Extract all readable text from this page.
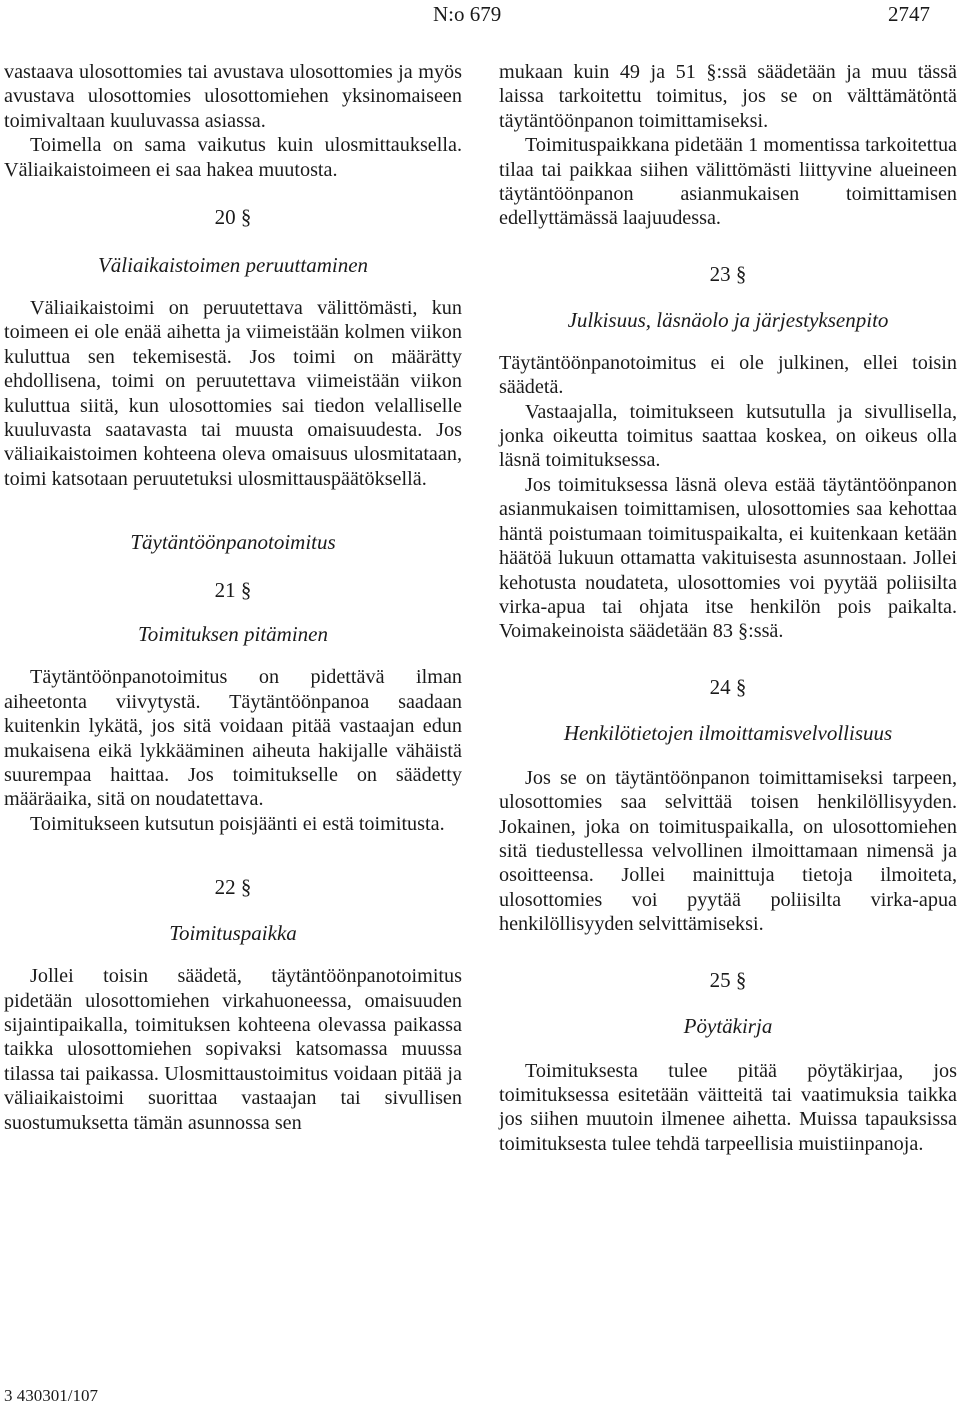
N:o 679	2747

vastaava ulosottomies tai avustava ulosottomies ja myös avustava ulosottomies ulosottomiehen yksinomaiseen toimivaltaan kuuluvassa asiassa.

Toimella on sama vaikutus kuin ulosmittauksella. Väliaikaistoimeen ei saa hakea muutosta.

20 §
Väliaikaistoimen peruuttaminen

Väliaikaistoimi on peruutettava välittömästi, kun toimeen ei ole enää aihetta ja viimeistään kolmen viikon kuluttua sen tekemisestä. Jos toimi on määrätty ehdollisena, toimi on peruutettava viimeistään viikon kuluttua siitä, kun ulosottomies sai tiedon velalliselle kuuluvasta saatavasta tai muusta omaisuudesta. Jos väliaikaistoimen kohteena oleva omaisuus ulosmitataan, toimi katsotaan peruutetuksi ulosmittauspäätöksellä.

Täytäntöönpanotoimitus
21 §
Toimituksen pitäminen

Täytäntöönpanotoimitus on pidettävä ilman aiheetonta viivytystä. Täytäntöönpanoa saadaan kuitenkin lykätä, jos sitä voidaan pitää vastaajan edun mukaisena eikä lykkääminen aiheuta hakijalle vähäistä suurempaa haittaa. Jos toimitukselle on säädetty määräaika, sitä on noudatettava.

Toimitukseen kutsutun poisjäänti ei estä toimitusta.

22 §
Toimituspaikka

Jollei toisin säädetä, täytäntöönpanotoimitus pidetään ulosottomiehen virkahuoneessa, omaisuuden sijaintipaikalla, toimituksen kohteena olevassa paikassa taikka ulosottomiehen sopivaksi katsomassa muussa tilassa tai paikassa. Ulosmittaustoimitus voidaan pitää ja väliaikaistoimi suorittaa vastaajan tai sivullisen suostumuksetta tämän asunnossa sen

mukaan kuin 49 ja 51 §:ssä säädetään ja muu tässä laissa tarkoitettu toimitus, jos se on välttämätöntä täytäntöönpanon toimittamiseksi.

Toimituspaikkana pidetään 1 momentissa tarkoitettua tilaa tai paikkaa siihen välittömästi liittyvine alueineen täytäntöönpanon asianmukaisen toimittamisen edellyttämässä laajuudessa.

23 §
Julkisuus, läsnäolo ja järjestyksenpito

Täytäntöönpanotoimitus ei ole julkinen, ellei toisin säädetä.

Vastaajalla, toimitukseen kutsutulla ja sivullisella, jonka oikeutta toimitus saattaa koskea, on oikeus olla läsnä toimituksessa.

Jos toimituksessa läsnä oleva estää täytäntöönpanon asianmukaisen toimittamisen, ulosottomies saa kehottaa häntä poistumaan toimituspaikalta, ei kuitenkaan ketään häätöä lukuun ottamatta vakituisesta asunnostaan. Jollei kehotusta noudateta, ulosottomies voi pyytää poliisilta virka-apua tai ohjata itse henkilön pois paikalta. Voimakeinoista säädetään 83 §:ssä.

24 §
Henkilötietojen ilmoittamisvelvollisuus

Jos se on täytäntöönpanon toimittamiseksi tarpeen, ulosottomies saa selvittää toisen henkilöllisyyden. Jokainen, joka on toimituspaikalla, on ulosottomiehen sitä tiedustellessa velvollinen ilmoittamaan nimensä ja osoitteensa. Jollei mainittuja tietoja ilmoiteta, ulosottomies voi pyytää poliisilta virka-apua henkilöllisyyden selvittämiseksi.

25 §
Pöytäkirja

Toimituksesta tulee pitää pöytäkirjaa, jos toimituksessa esitetään väitteitä tai vaatimuksia taikka jos siihen muutoin ilmenee aihetta. Muissa tapauksissa toimituksesta tulee tehdä tarpeellisia muistiinpanoja.

3 430301/107
